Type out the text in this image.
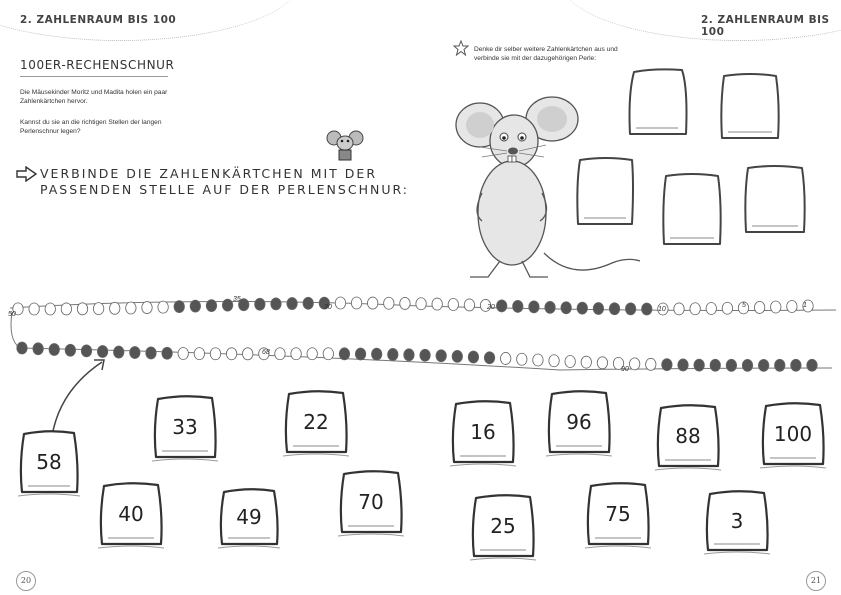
2. ZAHLENRAUM BIS 100	2. ZAHLENRAUM BIS 100
100ER-RECHENSCHNUR
Die Mäusekinder Moritz und Madita holen ein paar Zahlenkärtchen hervor.
Kannst du sie an die richtigen Stellen der langen Perlenschnur legen?
VERBINDE DIE ZAHLENKÄRTCHEN MIT DER
PASSENDEN STELLE AUF DER PERLENSCHNUR:
Denke dir selber weitere Zahlenkärtchen aus und verbinde sie mit der dazugehörigen Perle:
50
35
30	20	10
5	1
68
90
58
33	22	16	96
88	100
40	49
70
25	75	3
20	21
